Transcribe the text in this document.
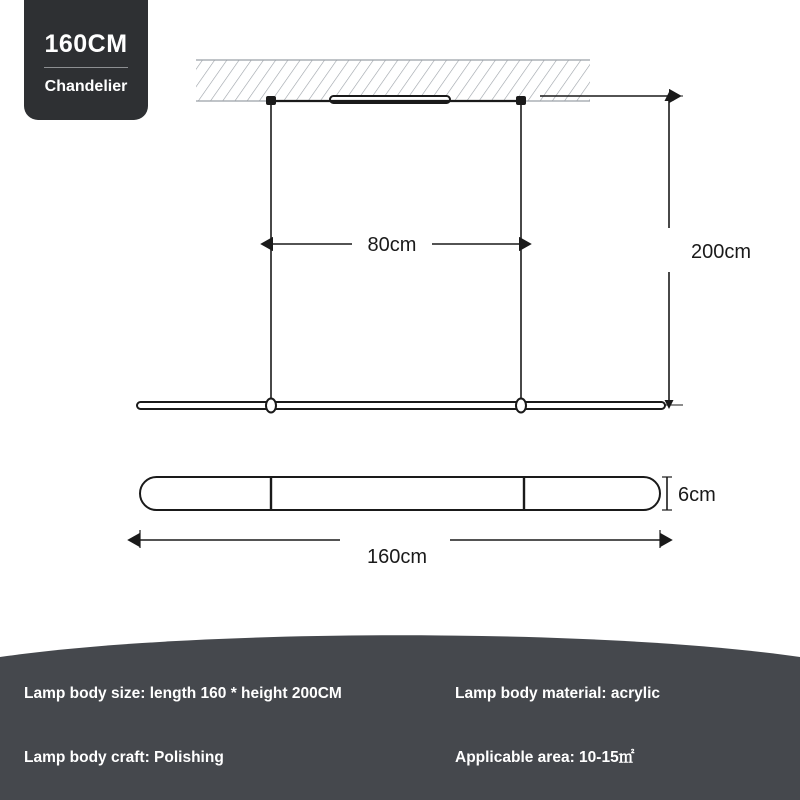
160CM
Chandelier
80cm	200cm
6cm
160cm
Lamp body size: length 160 * height 200CM	Lamp body material: acrylic
Lamp body craft: Polishing	Applicable area: 10-15㎡
